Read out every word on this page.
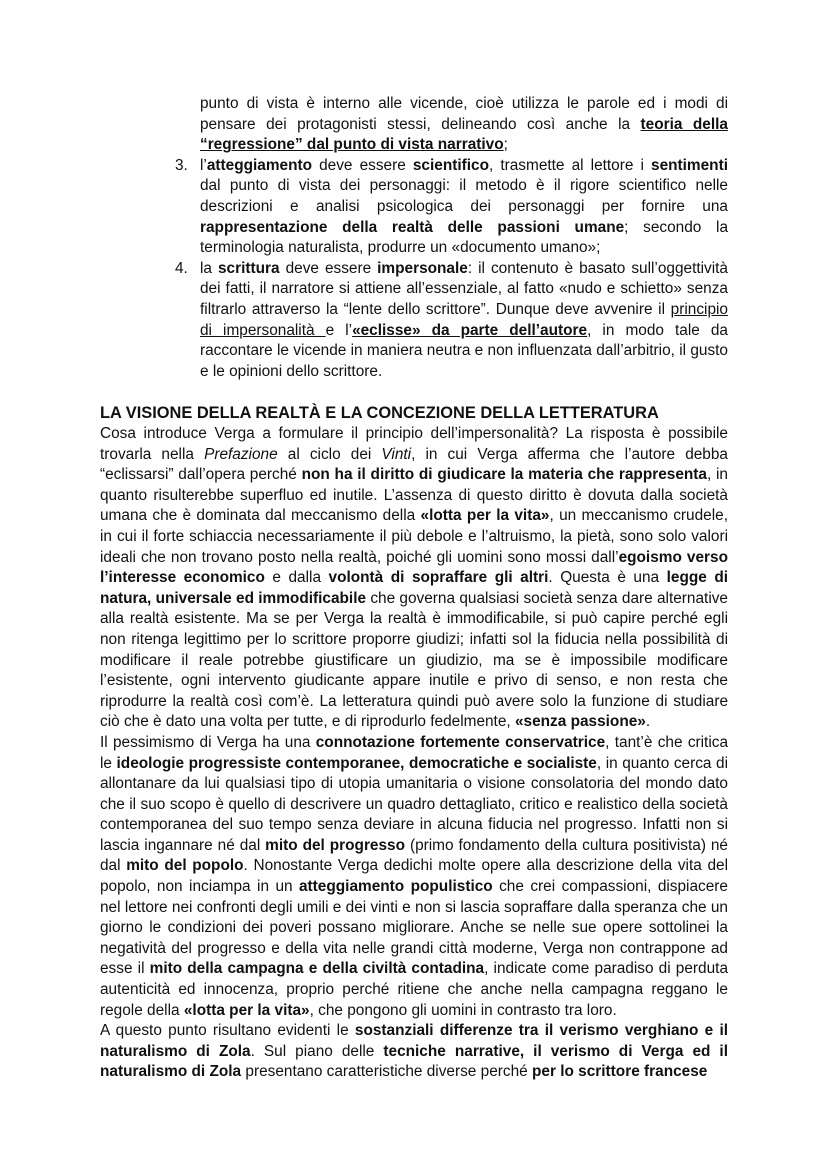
punto di vista è interno alle vicende, cioè utilizza le parole ed i modi di pensare dei protagonisti stessi, delineando così anche la teoria della “regressione” dal punto di vista narrativo;
3. l’atteggiamento deve essere scientifico, trasmette al lettore i sentimenti dal punto di vista dei personaggi: il metodo è il rigore scientifico nelle descrizioni e analisi psicologica dei personaggi per fornire una rappresentazione della realtà delle passioni umane; secondo la terminologia naturalista, produrre un «documento umano»;
4. la scrittura deve essere impersonale: il contenuto è basato sull’oggettività dei fatti, il narratore si attiene all’essenziale, al fatto «nudo e schietto» senza filtrarlo attraverso la “lente dello scrittore”. Dunque deve avvenire il principio di impersonalità e l’«eclisse» da parte dell’autore, in modo tale da raccontare le vicende in maniera neutra e non influenzata dall’arbitrio, il gusto e le opinioni dello scrittore.
LA VISIONE DELLA REALTÀ E LA CONCEZIONE DELLA LETTERATURA

Cosa introduce Verga a formulare il principio dell’impersonalità? La risposta è possibile trovarla nella Prefazione al ciclo dei Vinti, in cui Verga afferma che l’autore debba “eclissarsi” dall’opera perché non ha il diritto di giudicare la materia che rappresenta, in quanto risulterebbe superfluo ed inutile. L’assenza di questo diritto è dovuta dalla società umana che è dominata dal meccanismo della «lotta per la vita», un meccanismo crudele, in cui il forte schiaccia necessariamente il più debole e l’altruismo, la pietà, sono solo valori ideali che non trovano posto nella realtà, poiché gli uomini sono mossi dall’egoismo verso l’interesse economico e dalla volontà di sopraffare gli altri. Questa è una legge di natura, universale ed immodificabile che governa qualsiasi società senza dare alternative alla realtà esistente. Ma se per Verga la realtà è immodificabile, si può capire perché egli non ritenga legittimo per lo scrittore proporre giudizi; infatti sol la fiducia nella possibilità di modificare il reale potrebbe giustificare un giudizio, ma se è impossibile modificare l’esistente, ogni intervento giudicante appare inutile e privo di senso, e non resta che riprodurre la realtà così com’è. La letteratura quindi può avere solo la funzione di studiare ciò che è dato una volta per tutte, e di riprodurlo fedelmente, «senza passione».

Il pessimismo di Verga ha una connotazione fortemente conservatrice, tant’è che critica le ideologie progressiste contemporanee, democratiche e socialiste, in quanto cerca di allontanare da lui qualsiasi tipo di utopia umanitaria o visione consolatoria del mondo dato che il suo scopo è quello di descrivere un quadro dettagliato, critico e realistico della società contemporanea del suo tempo senza deviare in alcuna fiducia nel progresso. Infatti non si lascia ingannare né dal mito del progresso (primo fondamento della cultura positivista) né dal mito del popolo. Nonostante Verga dedichi molte opere alla descrizione della vita del popolo, non inciampa in un atteggiamento populistico che crei compassioni, dispiacere nel lettore nei confronti degli umili e dei vinti e non si lascia sopraffare dalla speranza che un giorno le condizioni dei poveri possano migliorare. Anche se nelle sue opere sottolinei la negatività del progresso e della vita nelle grandi città moderne, Verga non contrappone ad esse il mito della campagna e della civiltà contadina, indicate come paradiso di perduta autenticità ed innocenza, proprio perché ritiene che anche nella campagna reggano le regole della «lotta per la vita», che pongono gli uomini in contrasto tra loro.

A questo punto risultano evidenti le sostanziali differenze tra il verismo verghiano e il naturalismo di Zola. Sul piano delle tecniche narrative, il verismo di Verga ed il naturalismo di Zola presentano caratteristiche diverse perché per lo scrittore francese
